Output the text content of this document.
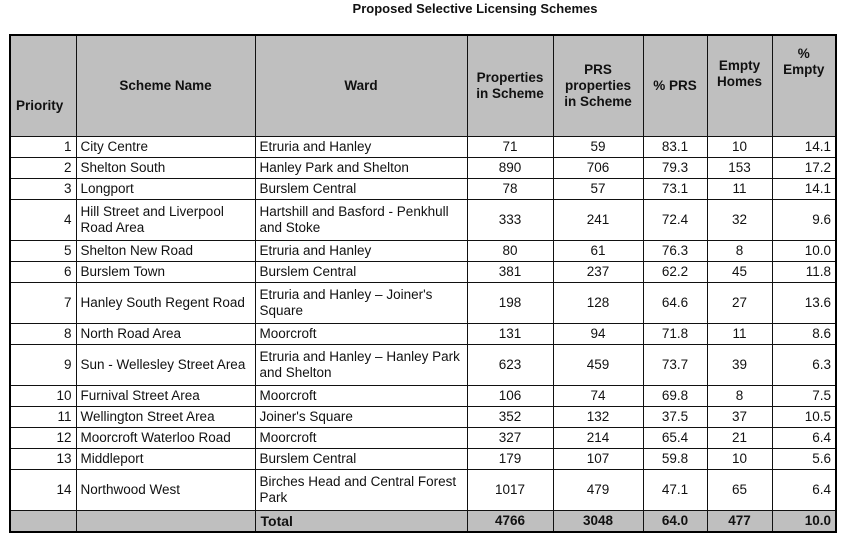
Proposed Selective Licensing Schemes
Priority	Scheme Name	Ward	Properties in Scheme	PRS properties in Scheme	% PRS	Empty Homes	% Empty
1	City Centre	Etruria and Hanley	71	59	83.1	10	14.1
2	Shelton South	Hanley Park and Shelton	890	706	79.3	153	17.2
3	Longport	Burslem Central	78	57	73.1	11	14.1
4	Hill Street and Liverpool Road Area	Hartshill and Basford - Penkhull and Stoke	333	241	72.4	32	9.6
5	Shelton New Road	Etruria and Hanley	80	61	76.3	8	10.0
6	Burslem Town	Burslem Central	381	237	62.2	45	11.8
7	Hanley South Regent Road	Etruria and Hanley – Joiner's Square	198	128	64.6	27	13.6
8	North Road Area	Moorcroft	131	94	71.8	11	8.6
9	Sun - Wellesley Street Area	Etruria and Hanley – Hanley Park and Shelton	623	459	73.7	39	6.3
10	Furnival Street Area	Moorcroft	106	74	69.8	8	7.5
11	Wellington Street Area	Joiner's Square	352	132	37.5	37	10.5
12	Moorcroft Waterloo Road	Moorcroft	327	214	65.4	21	6.4
13	Middleport	Burslem Central	179	107	59.8	10	5.6
14	Northwood West	Birches Head and Central Forest Park	1017	479	47.1	65	6.4
		Total	4766	3048	64.0	477	10.0
